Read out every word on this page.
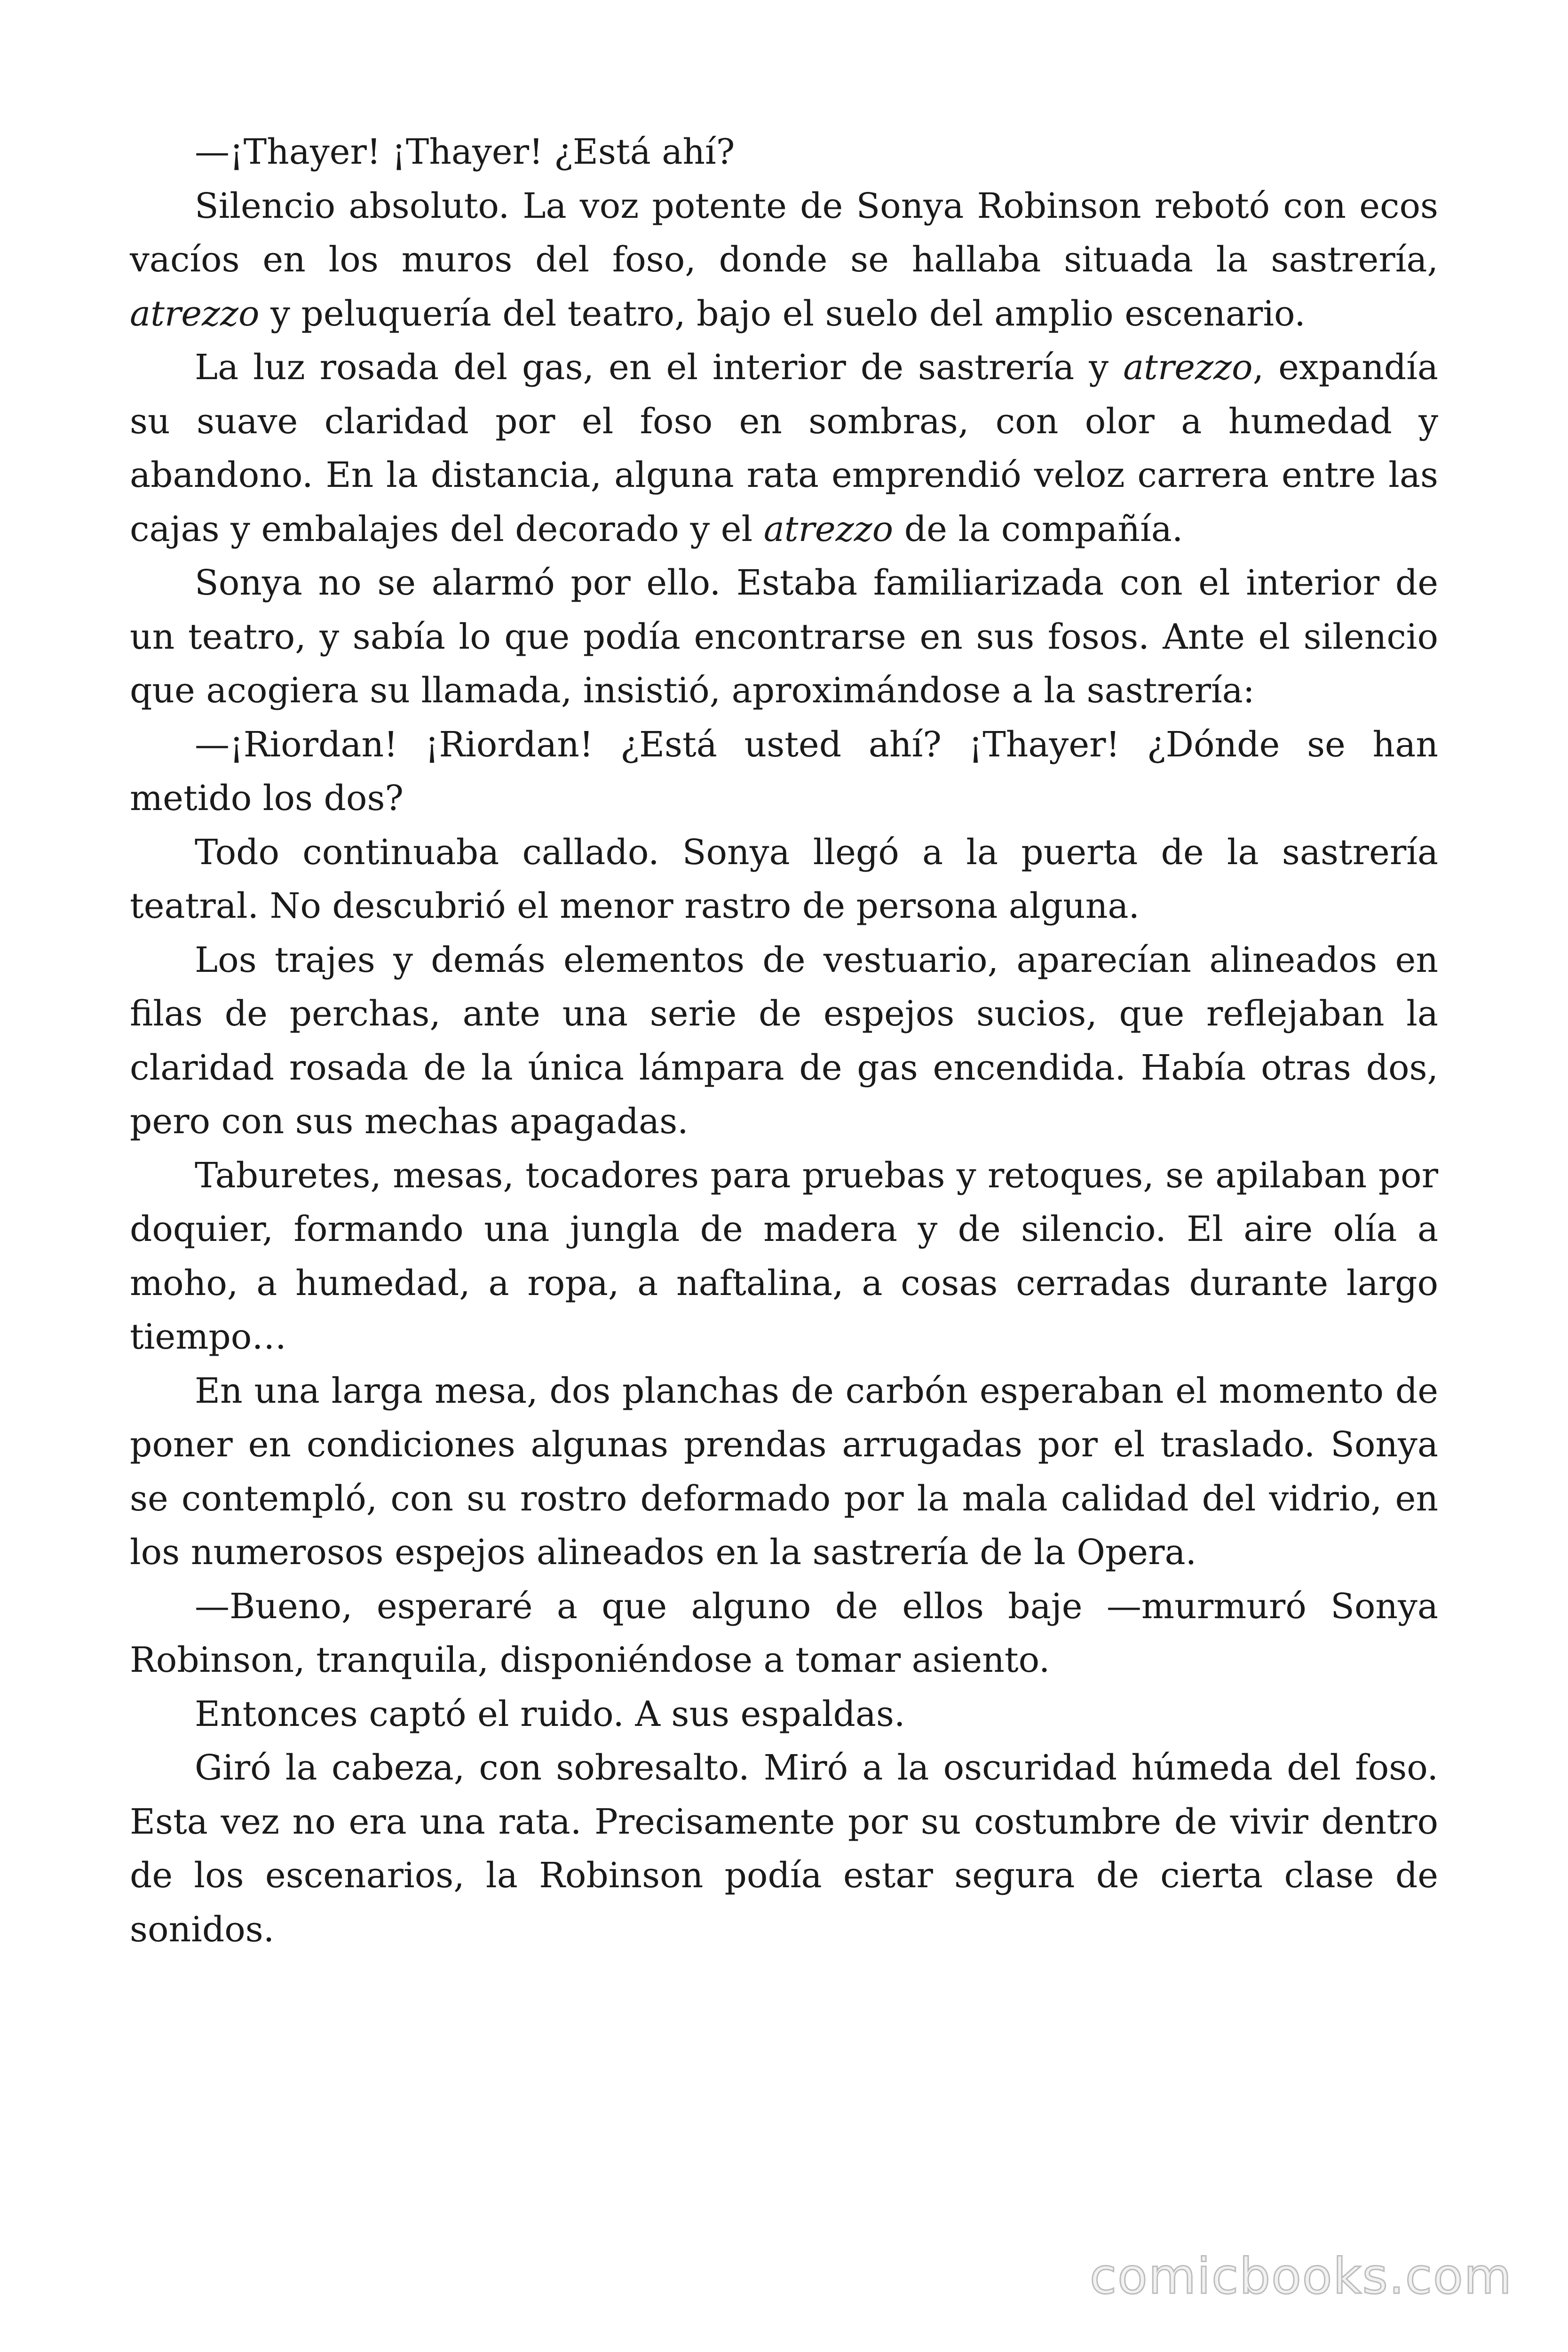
—¡Thayer! ¡Thayer! ¿Está ahí?

Silencio absoluto. La voz potente de Sonya Robinson rebotó con ecos vacíos en los muros del foso, donde se hallaba situada la sastrería, atrezzo y peluquería del teatro, bajo el suelo del amplio escenario.

La luz rosada del gas, en el interior de sastrería y atrezzo, expandía su suave claridad por el foso en sombras, con olor a humedad y abandono. En la distancia, alguna rata emprendió veloz carrera entre las cajas y embalajes del decorado y el atrezzo de la compañía.

Sonya no se alarmó por ello. Estaba familiarizada con el interior de un teatro, y sabía lo que podía encontrarse en sus fosos. Ante el silencio que acogiera su llamada, insistió, aproximándose a la sastrería:

—¡Riordan! ¡Riordan! ¿Está usted ahí? ¡Thayer! ¿Dónde se han metido los dos?

Todo continuaba callado. Sonya llegó a la puerta de la sastrería teatral. No descubrió el menor rastro de persona alguna.

Los trajes y demás elementos de vestuario, aparecían alineados en filas de perchas, ante una serie de espejos sucios, que reflejaban la claridad rosada de la única lámpara de gas encendida. Había otras dos, pero con sus mechas apagadas.

Taburetes, mesas, tocadores para pruebas y retoques, se apilaban por doquier, formando una jungla de madera y de silencio. El aire olía a moho, a humedad, a ropa, a naftalina, a cosas cerradas durante largo tiempo…

En una larga mesa, dos planchas de carbón esperaban el momento de poner en condiciones algunas prendas arrugadas por el traslado. Sonya se contempló, con su rostro deformado por la mala calidad del vidrio, en los numerosos espejos alineados en la sastrería de la Opera.

—Bueno, esperaré a que alguno de ellos baje —murmuró Sonya Robinson, tranquila, disponiéndose a tomar asiento.

Entonces captó el ruido. A sus espaldas.

Giró la cabeza, con sobresalto. Miró a la oscuridad húmeda del foso. Esta vez no era una rata. Precisamente por su costumbre de vivir dentro de los escenarios, la Robinson podía estar segura de cierta clase de sonidos.

comicbooks.com
